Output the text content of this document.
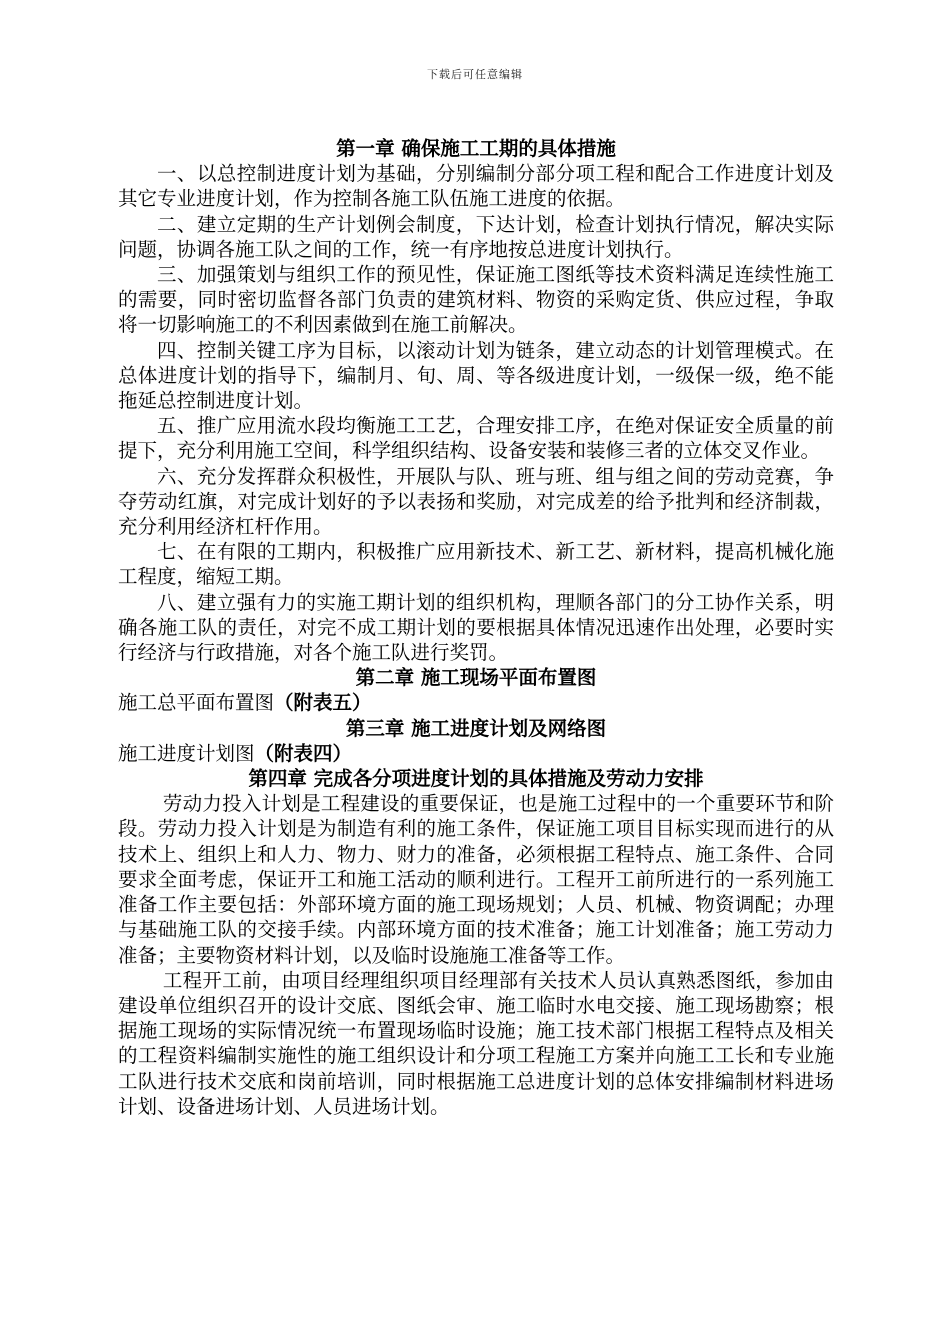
下载后可任意编辑
第一章 确保施工工期的具体措施

一、以总控制进度计划为基础，分别编制分部分项工程和配合工作进度计划及其它专业进度计划，作为控制各施工队伍施工进度的依据。

二、建立定期的生产计划例会制度，下达计划，检查计划执行情况，解决实际问题，协调各施工队之间的工作，统一有序地按总进度计划执行。

三、加强策划与组织工作的预见性，保证施工图纸等技术资料满足连续性施工的需要，同时密切监督各部门负责的建筑材料、物资的采购定货、供应过程，争取将一切影响施工的不利因素做到在施工前解决。

四、控制关键工序为目标，以滚动计划为链条，建立动态的计划管理模式。在总体进度计划的指导下，编制月、旬、周、等各级进度计划，一级保一级，绝不能拖延总控制进度计划。

五、推广应用流水段均衡施工工艺，合理安排工序，在绝对保证安全质量的前提下，充分利用施工空间，科学组织结构、设备安装和装修三者的立体交叉作业。

六、充分发挥群众积极性，开展队与队、班与班、组与组之间的劳动竞赛，争夺劳动红旗，对完成计划好的予以表扬和奖励，对完成差的给予批判和经济制裁，充分利用经济杠杆作用。

七、在有限的工期内，积极推广应用新技术、新工艺、新材料，提高机械化施工程度，缩短工期。

八、建立强有力的实施工期计划的组织机构，理顺各部门的分工协作关系，明确各施工队的责任，对完不成工期计划的要根据具体情况迅速作出处理，必要时实行经济与行政措施，对各个施工队进行奖罚。

第二章 施工现场平面布置图

施工总平面布置图（附表五）

第三章 施工进度计划及网络图

施工进度计划图（附表四）

第四章 完成各分项进度计划的具体措施及劳动力安排

劳动力投入计划是工程建设的重要保证，也是施工过程中的一个重要环节和阶段。劳动力投入计划是为制造有利的施工条件，保证施工项目目标实现而进行的从技术上、组织上和人力、物力、财力的准备，必须根据工程特点、施工条件、合同要求全面考虑，保证开工和施工活动的顺利进行。工程开工前所进行的一系列施工准备工作主要包括：外部环境方面的施工现场规划；人员、机械、物资调配；办理与基础施工队的交接手续。内部环境方面的技术准备；施工计划准备；施工劳动力准备；主要物资材料计划，以及临时设施施工准备等工作。

工程开工前，由项目经理组织项目经理部有关技术人员认真熟悉图纸，参加由建设单位组织召开的设计交底、图纸会审、施工临时水电交接、施工现场勘察；根据施工现场的实际情况统一布置现场临时设施；施工技术部门根据工程特点及相关的工程资料编制实施性的施工组织设计和分项工程施工方案并向施工工长和专业施工队进行技术交底和岗前培训，同时根据施工总进度计划的总体安排编制材料进场计划、设备进场计划、人员进场计划。
